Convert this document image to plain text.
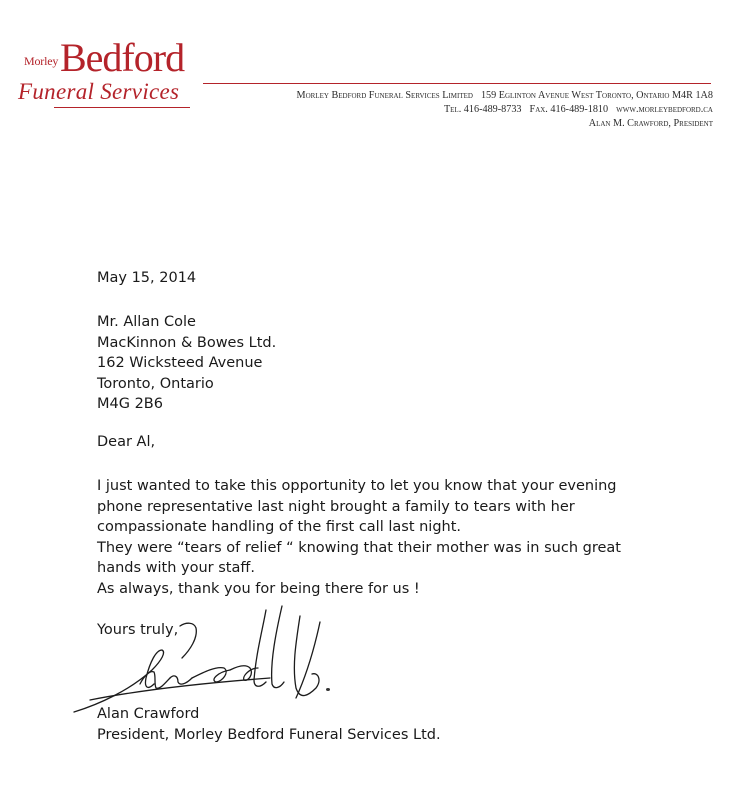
Morley Bedford
Funeral Services	Morley Bedford Funeral Services Limited 159 Eglinton Avenue West Toronto, Ontario M4R 1A8
Tel. 416-489-8733 Fax. 416-489-1810 www.morleybedford.ca
Alan M. Crawford, President
May 15, 2014
Mr. Allan Cole
MacKinnon & Bowes Ltd.
162 Wicksteed Avenue
Toronto, Ontario
M4G 2B6
Dear Al,
I just wanted to take this opportunity to let you know that your evening
phone representative last night brought a family to tears with her
compassionate handling of the first call last night.
They were “tears of relief “ knowing that their mother was in such great
hands with your staff.
As always, thank you for being there for us !
Yours truly,
Alan Crawford
President, Morley Bedford Funeral Services Ltd.
